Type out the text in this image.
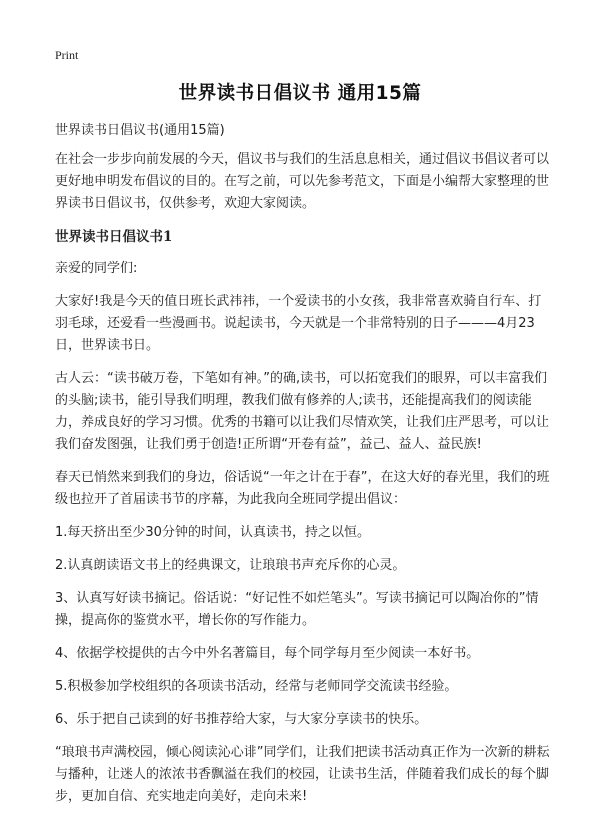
Print
世界读书日倡议书 通用15篇

世界读书日倡议书(通用15篇)

在社会一步步向前发展的今天，倡议书与我们的生活息息相关，通过倡议书倡议者可以更好地申明发布倡议的目的。在写之前，可以先参考范文，下面是小编帮大家整理的世界读书日倡议书，仅供参考，欢迎大家阅读。

世界读书日倡议书1

亲爱的同学们:

大家好!我是今天的值日班长武祎祎，一个爱读书的小女孩，我非常喜欢骑自行车、打羽毛球，还爱看一些漫画书。说起读书，今天就是一个非常特别的日子———4月23日，世界读书日。

古人云：“读书破万卷，下笔如有神。”的确,读书，可以拓宽我们的眼界，可以丰富我们的头脑;读书，能引导我们明理，教我们做有修养的人;读书，还能提高我们的阅读能力，养成良好的学习习惯。优秀的书籍可以让我们尽情欢笑，让我们庄严思考，可以让我们奋发图强，让我们勇于创造!正所谓“开卷有益”，益己、益人、益民族!

春天已悄然来到我们的身边，俗话说“一年之计在于春”，在这大好的春光里，我们的班级也拉开了首届读书节的序幕，为此我向全班同学提出倡议：

1.每天挤出至少30分钟的时间，认真读书，持之以恒。

2.认真朗读语文书上的经典课文，让琅琅书声充斥你的心灵。

3、认真写好读书摘记。俗话说：“好记性不如烂笔头”。写读书摘记可以陶冶你的”情操，提高你的鉴赏水平，增长你的写作能力。

4、依据学校提供的古今中外名著篇目，每个同学每月至少阅读一本好书。

5.积极参加学校组织的各项读书活动，经常与老师同学交流读书经验。

6、乐于把自己读到的好书推荐给大家，与大家分享读书的快乐。

“琅琅书声满校园，倾心阅读沁心诽”同学们，让我们把读书活动真正作为一次新的耕耘与播种，让迷人的浓浓书香飘溢在我们的校园，让读书生活，伴随着我们成长的每个脚步，更加自信、充实地走向美好，走向未来!
